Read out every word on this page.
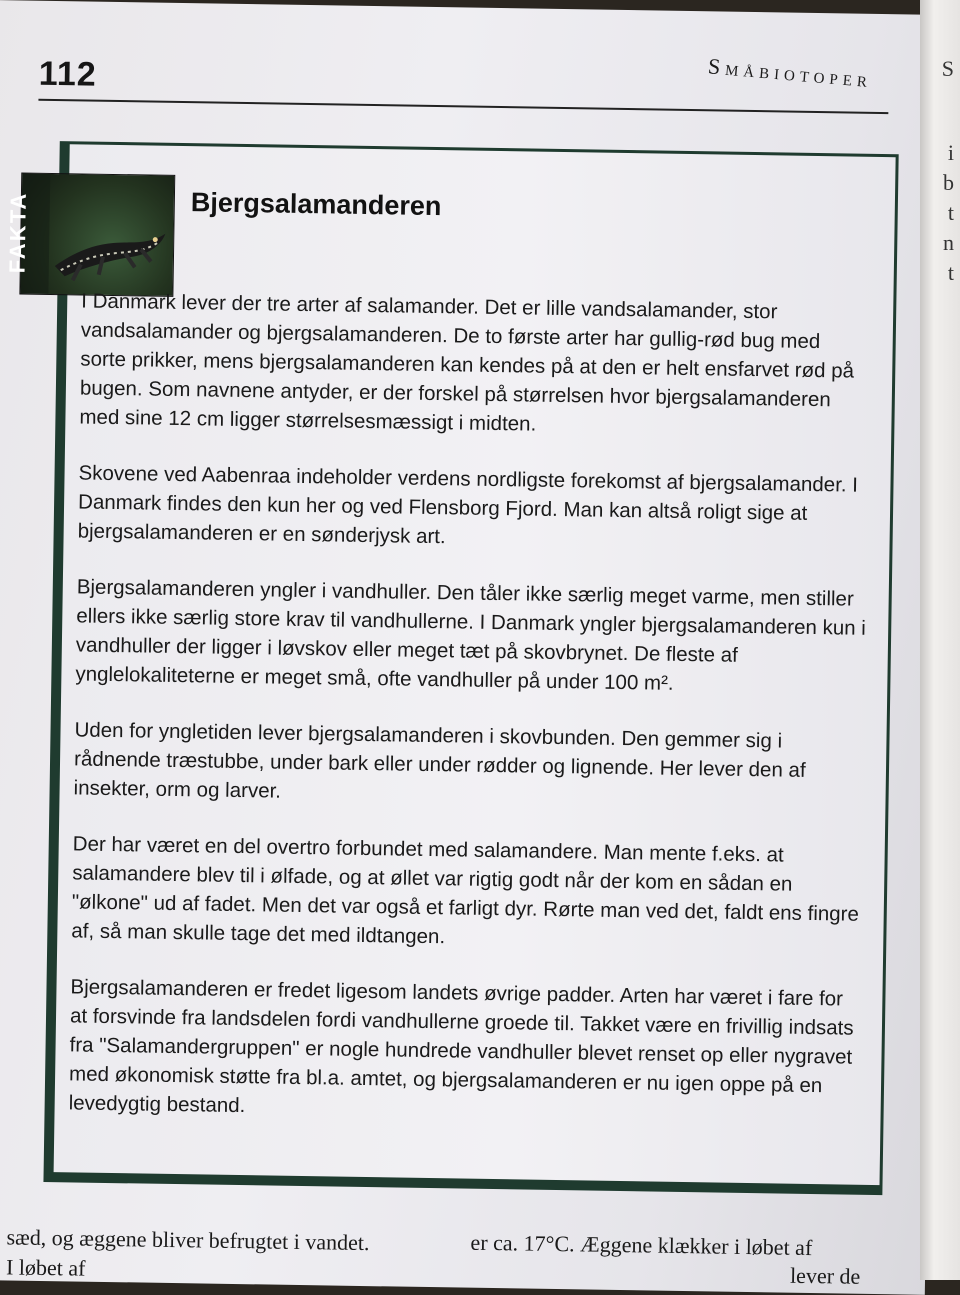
112	Småbiotoper
FAKTA	Bjergsalamanderen

I Danmark lever der tre arter af salamander. Det er lille vandsalamander, stor vandsalamander og bjergsalamanderen. De to første arter har gullig-rød bug med sorte prikker, mens bjergsalamanderen kan kendes på at den er helt ensfarvet rød på bugen. Som navnene antyder, er der forskel på størrelsen hvor bjergsalamanderen med sine 12 cm ligger størrelsesmæssigt i midten.

Skovene ved Aabenraa indeholder verdens nordligste forekomst af bjergsalamander. I Danmark findes den kun her og ved Flensborg Fjord. Man kan altså roligt sige at bjergsalamanderen er en sønderjysk art.

Bjergsalamanderen yngler i vandhuller. Den tåler ikke særlig meget varme, men stiller ellers ikke særlig store krav til vandhullerne. I Danmark yngler bjergsalamanderen kun i vandhuller der ligger i løvskov eller meget tæt på skovbrynet. De fleste af ynglelokaliteterne er meget små, ofte vandhuller på under 100 m².

Uden for yngletiden lever bjergsalamanderen i skovbunden. Den gemmer sig i rådnende træstubbe, under bark eller under rødder og lignende. Her lever den af insekter, orm og larver.

Der har været en del overtro forbundet med salamandere. Man mente f.eks. at salamandere blev til i ølfade, og at øllet var rigtig godt når der kom en sådan en "ølkone" ud af fadet. Men det var også et farligt dyr. Rørte man ved det, faldt ens fingre af, så man skulle tage det med ildtangen.

Bjergsalamanderen er fredet ligesom landets øvrige padder. Arten har været i fare for at forsvinde fra landsdelen fordi vandhullerne groede til. Takket være en frivillig indsats fra "Salamandergruppen" er nogle hundrede vandhuller blevet renset op eller nygravet med økonomisk støtte fra bl.a. amtet, og bjergsalamanderen er nu igen oppe på en levedygtig bestand.

sæd, og æggene bliver befrugtet i vandet.
I løbet af
er ca. 17°C. Æggene klækker i løbet af
lever de
S
i
b
t
n
t
